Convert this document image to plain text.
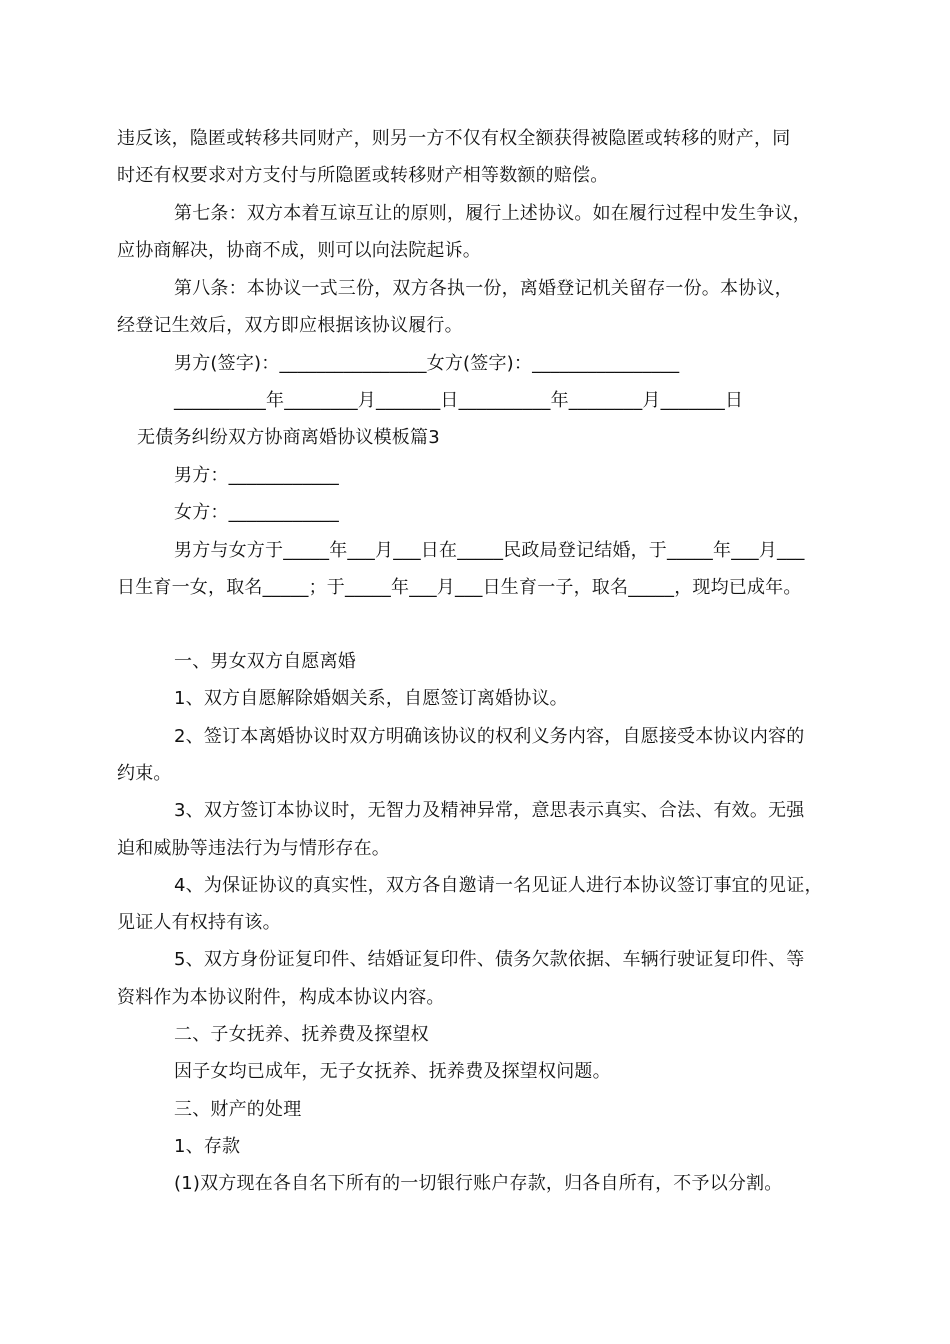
违反该，隐匿或转移共同财产，则另一方不仅有权全额获得被隐匿或转移的财产，同
时还有权要求对方支付与所隐匿或转移财产相等数额的赔偿。
第七条：双方本着互谅互让的原则，履行上述协议。如在履行过程中发生争议，
应协商解决，协商不成，则可以向法院起诉。
第八条：本协议一式三份，双方各执一份，离婚登记机关留存一份。本协议，
经登记生效后，双方即应根据该协议履行。
男方(签字)：________________女方(签字)：________________
__________年________月_______日__________年________月_______日
无债务纠纷双方协商离婚协议模板篇3
男方：____________
女方：____________
男方与女方于_____年___月___日在_____民政局登记结婚，于_____年___月___
日生育一女，取名_____；于_____年___月___日生育一子，取名_____，现均已成年。
一、男女双方自愿离婚
1、双方自愿解除婚姻关系，自愿签订离婚协议。
2、签订本离婚协议时双方明确该协议的权利义务内容，自愿接受本协议内容的
约束。
3、双方签订本协议时，无智力及精神异常，意思表示真实、合法、有效。无强
迫和威胁等违法行为与情形存在。
4、为保证协议的真实性，双方各自邀请一名见证人进行本协议签订事宜的见证，
见证人有权持有该。
5、双方身份证复印件、结婚证复印件、债务欠款依据、车辆行驶证复印件、等
资料作为本协议附件，构成本协议内容。
二、子女抚养、抚养费及探望权
因子女均已成年，无子女抚养、抚养费及探望权问题。
三、财产的处理
1、存款
(1)双方现在各自名下所有的一切银行账户存款，归各自所有，不予以分割。
